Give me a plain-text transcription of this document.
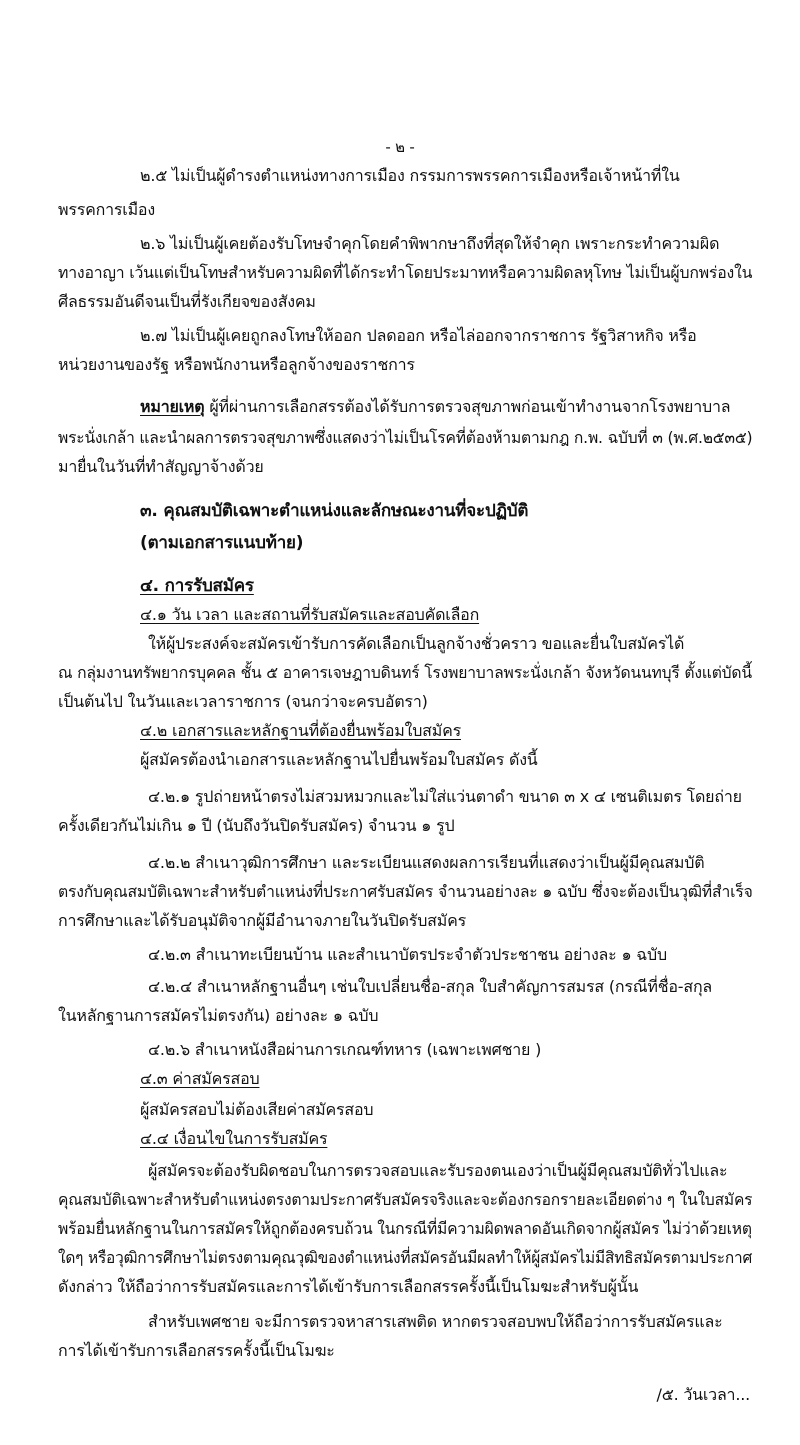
- ๒ -
๒.๕ ไม่เป็นผู้ดำรงตำแหน่งทางการเมือง กรรมการพรรคการเมืองหรือเจ้าหน้าที่ใน
พรรคการเมือง
๒.๖ ไม่เป็นผู้เคยต้องรับโทษจำคุกโดยคำพิพากษาถึงที่สุดให้จำคุก เพราะกระทำความผิด
ทางอาญา เว้นแต่เป็นโทษสำหรับความผิดที่ได้กระทำโดยประมาทหรือความผิดลหุโทษ ไม่เป็นผู้บกพร่องใน
ศีลธรรมอันดีจนเป็นที่รังเกียจของสังคม
๒.๗ ไม่เป็นผู้เคยถูกลงโทษให้ออก ปลดออก หรือไล่ออกจากราชการ รัฐวิสาหกิจ หรือ
หน่วยงานของรัฐ หรือพนักงานหรือลูกจ้างของราชการ
หมายเหตุ ผู้ที่ผ่านการเลือกสรรต้องได้รับการตรวจสุขภาพก่อนเข้าทำงานจากโรงพยาบาล
พระนั่งเกล้า และนำผลการตรวจสุขภาพซึ่งแสดงว่าไม่เป็นโรคที่ต้องห้ามตามกฎ ก.พ. ฉบับที่ ๓ (พ.ศ.๒๕๓๕)
มายื่นในวันที่ทำสัญญาจ้างด้วย
๓. คุณสมบัติเฉพาะตำแหน่งและลักษณะงานที่จะปฏิบัติ
(ตามเอกสารแนบท้าย)
๔. การรับสมัคร
๔.๑ วัน เวลา และสถานที่รับสมัครและสอบคัดเลือก
ให้ผู้ประสงค์จะสมัครเข้ารับการคัดเลือกเป็นลูกจ้างชั่วคราว ขอและยื่นใบสมัครได้
ณ กลุ่มงานทรัพยากรบุคคล ชั้น ๕ อาคารเจษฎาบดินทร์ โรงพยาบาลพระนั่งเกล้า จังหวัดนนทบุรี ตั้งแต่บัดนี้
เป็นต้นไป ในวันและเวลาราชการ (จนกว่าจะครบอัตรา)
๔.๒ เอกสารและหลักฐานที่ต้องยื่นพร้อมใบสมัคร
ผู้สมัครต้องนำเอกสารและหลักฐานไปยื่นพร้อมใบสมัคร ดังนี้
๔.๒.๑ รูปถ่ายหน้าตรงไม่สวมหมวกและไม่ใส่แว่นตาดำ ขนาด ๓ x ๔ เซนติเมตร โดยถ่าย
ครั้งเดียวกันไม่เกิน ๑ ปี (นับถึงวันปิดรับสมัคร) จำนวน ๑ รูป
๔.๒.๒ สำเนาวุฒิการศึกษา และระเบียนแสดงผลการเรียนที่แสดงว่าเป็นผู้มีคุณสมบัติ
ตรงกับคุณสมบัติเฉพาะสำหรับตำแหน่งที่ประกาศรับสมัคร จำนวนอย่างละ ๑ ฉบับ ซึ่งจะต้องเป็นวุฒิที่สำเร็จ
การศึกษาและได้รับอนุมัติจากผู้มีอำนาจภายในวันปิดรับสมัคร
๔.๒.๓ สำเนาทะเบียนบ้าน และสำเนาบัตรประจำตัวประชาชน อย่างละ ๑ ฉบับ
๔.๒.๔ สำเนาหลักฐานอื่นๆ เช่นใบเปลี่ยนชื่อ-สกุล ใบสำคัญการสมรส (กรณีที่ชื่อ-สกุล
ในหลักฐานการสมัครไม่ตรงกัน) อย่างละ ๑ ฉบับ
๔.๒.๖ สำเนาหนังสือผ่านการเกณฑ์ทหาร (เฉพาะเพศชาย )
๔.๓ ค่าสมัครสอบ
ผู้สมัครสอบไม่ต้องเสียค่าสมัครสอบ
๔.๔ เงื่อนไขในการรับสมัคร
ผู้สมัครจะต้องรับผิดชอบในการตรวจสอบและรับรองตนเองว่าเป็นผู้มีคุณสมบัติทั่วไปและ
คุณสมบัติเฉพาะสำหรับตำแหน่งตรงตามประกาศรับสมัครจริงและจะต้องกรอกรายละเอียดต่าง ๆ ในใบสมัคร
พร้อมยื่นหลักฐานในการสมัครให้ถูกต้องครบถ้วน ในกรณีที่มีความผิดพลาดอันเกิดจากผู้สมัคร ไม่ว่าด้วยเหตุ
ใดๆ หรือวุฒิการศึกษาไม่ตรงตามคุณวุฒิของตำแหน่งที่สมัครอันมีผลทำให้ผู้สมัครไม่มีสิทธิสมัครตามประกาศ
ดังกล่าว ให้ถือว่าการรับสมัครและการได้เข้ารับการเลือกสรรครั้งนี้เป็นโมฆะสำหรับผู้นั้น
สำหรับเพศชาย จะมีการตรวจหาสารเสพติด หากตรวจสอบพบให้ถือว่าการรับสมัครและ
การได้เข้ารับการเลือกสรรครั้งนี้เป็นโมฆะ
/๕. วันเวลา...
